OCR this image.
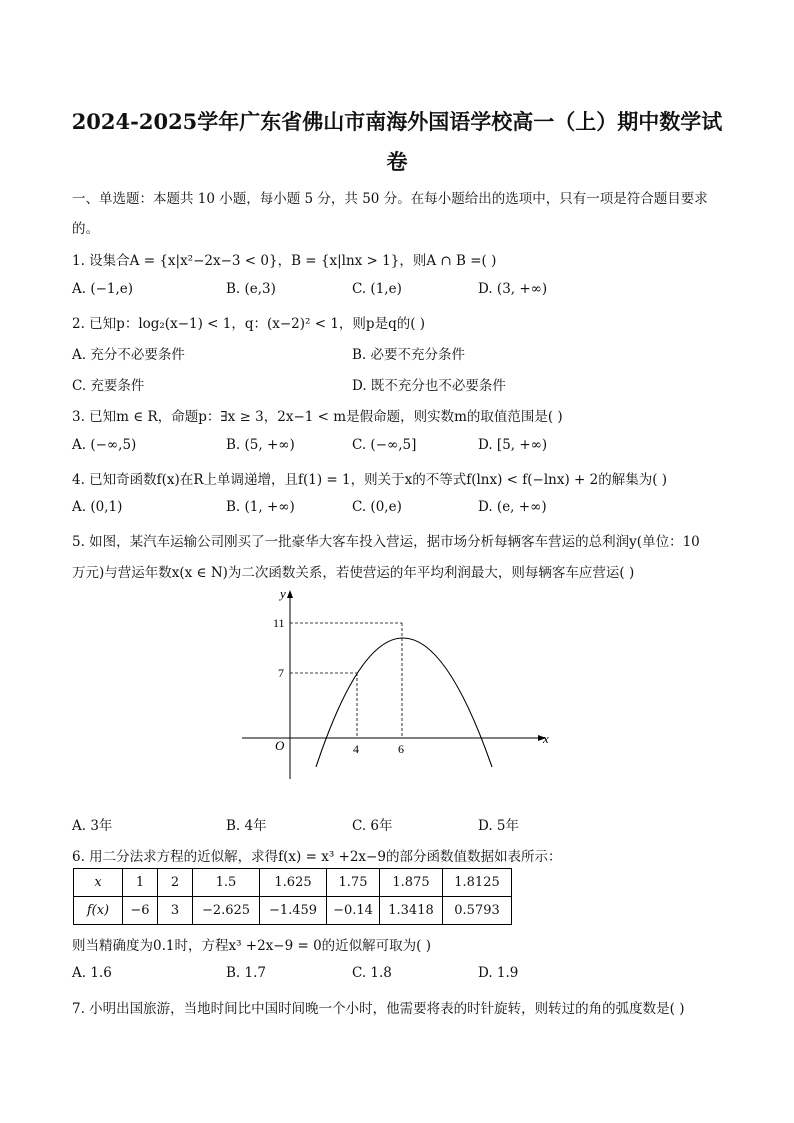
2024-2025学年广东省佛山市南海外国语学校高一（上）期中数学试
卷
一、单选题：本题共 10 小题，每小题 5 分，共 50 分。在每小题给出的选项中，只有一项是符合题目要求
的。
1. 设集合A = {x|x²−2x−3 < 0}，B = {x|lnx > 1}，则A ∩ B =( )
A. (−1,e)	B. (e,3)	C. (1,e)	D. (3, +∞)
2. 已知p：log₂(x−1) < 1，q：(x−2)² < 1，则p是q的( )
A. 充分不必要条件	B. 必要不充分条件
C. 充要条件	D. 既不充分也不必要条件
3. 已知m ∈ R，命题p：∃x ≥ 3，2x−1 < m是假命题，则实数m的取值范围是( )
A. (−∞,5)	B. (5, +∞)	C. (−∞,5]	D. [5, +∞)
4. 已知奇函数f(x)在R上单调递增，且f(1) = 1，则关于x的不等式f(lnx) < f(−lnx) + 2的解集为( )
A. (0,1)	B. (1, +∞)	C. (0,e)	D. (e, +∞)
5. 如图，某汽车运输公司刚买了一批豪华大客车投入营运，据市场分析每辆客车营运的总利润y(单位：10
万元)与营运年数x(x ∈ N)为二次函数关系，若使营运的年平均利润最大，则每辆客车应营运( )
y
x
O
11
7
4	6
A. 3年	B. 4年	C. 6年	D. 5年
6. 用二分法求方程的近似解，求得f(x) = x³ +2x−9的部分函数值数据如表所示：
x	1	2	1.5	1.625	1.75	1.875	1.8125
f(x)	−6	3	−2.625	−1.459	−0.14	1.3418	0.5793
则当精确度为0.1时，方程x³ +2x−9 = 0的近似解可取为( )
A. 1.6	B. 1.7	C. 1.8	D. 1.9
7. 小明出国旅游，当地时间比中国时间晚一个小时，他需要将表的时针旋转，则转过的角的弧度数是( )
